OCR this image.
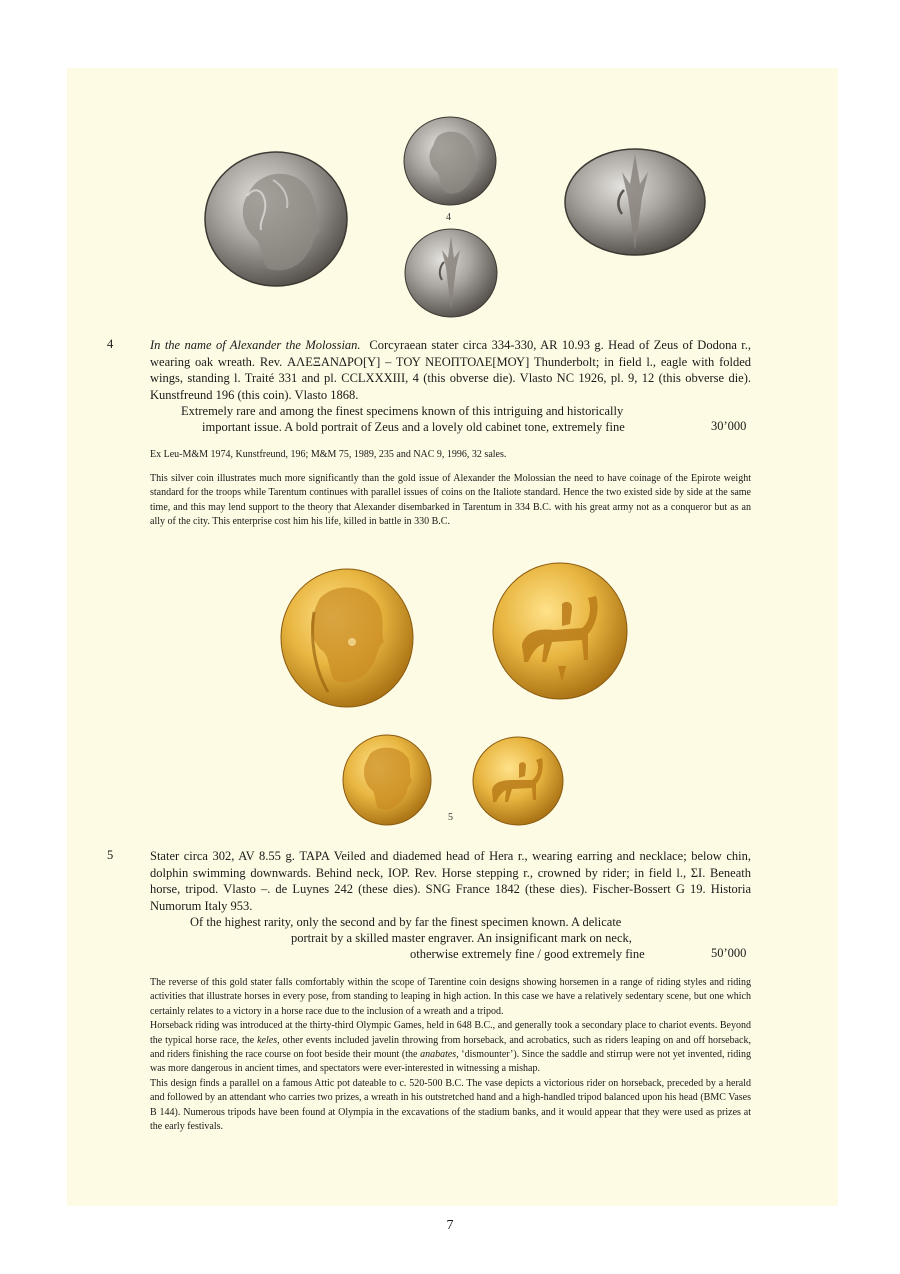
4
4	In the name of Alexander the Molossian. Corcyraean stater circa 334-330, AR 10.93 g. Head of Zeus of Dodona r., wearing oak wreath. Rev. ΑΛΕΞΑΝΔΡΟ[Υ] – ΤΟΥ ΝΕΟΠΤΟΛΕ[ΜΟΥ] Thunderbolt; in field l., eagle with folded wings, standing l. Traité 331 and pl. CCLXXXIII, 4 (this obverse die). Vlasto NC 1926, pl. 9, 12 (this obverse die). Kunstfreund 196 (this coin). Vlasto 1868.

Extremely rare and among the finest specimens known of this intriguing and historically
important issue. A bold portrait of Zeus and a lovely old cabinet tone, extremely fine	30’000
Ex Leu-M&M 1974, Kunstfreund, 196; M&M 75, 1989, 235 and NAC 9, 1996, 32 sales.

This silver coin illustrates much more significantly than the gold issue of Alexander the Molossian the need to have coinage of the Epirote weight standard for the troops while Tarentum continues with parallel issues of coins on the Italiote standard. Hence the two existed side by side at the same time, and this may lend support to the theory that Alexander disembarked in Tarentum in 334 B.C. with his great army not as a conqueror but as an ally of the city. This enterprise cost him his life, killed in battle in 330 B.C.

5
5	Stater circa 302, AV 8.55 g. ΤΑΡΑ Veiled and diademed head of Hera r., wearing earring and necklace; below chin, dolphin swimming downwards. Behind neck, ΙΟΡ. Rev. Horse stepping r., crowned by rider; in field l., ΣΙ. Beneath horse, tripod. Vlasto –. de Luynes 242 (these dies). SNG France 1842 (these dies). Fischer-Bossert G 19. Historia Numorum Italy 953.

Of the highest rarity, only the second and by far the finest specimen known. A delicate
portrait by a skilled master engraver. An insignificant mark on neck,
otherwise extremely fine / good extremely fine	50’000

The reverse of this gold stater falls comfortably within the scope of Tarentine coin designs showing horsemen in a range of riding styles and riding activities that illustrate horses in every pose, from standing to leaping in high action. In this case we have a relatively sedentary scene, but one which certainly relates to a victory in a horse race due to the inclusion of a wreath and a tripod.

Horseback riding was introduced at the thirty-third Olympic Games, held in 648 B.C., and generally took a secondary place to chariot events. Beyond the typical horse race, the keles, other events included javelin throwing from horseback, and acrobatics, such as riders leaping on and off horseback, and riders finishing the race course on foot beside their mount (the anabates, ‘dismounter’). Since the saddle and stirrup were not yet invented, riding was more dangerous in ancient times, and spectators were ever-interested in witnessing a mishap.

This design finds a parallel on a famous Attic pot dateable to c. 520-500 B.C. The vase depicts a victorious rider on horseback, preceded by a herald and followed by an attendant who carries two prizes, a wreath in his outstretched hand and a high-handled tripod balanced upon his head (BMC Vases B 144). Numerous tripods have been found at Olympia in the excavations of the stadium banks, and it would appear that they were used as prizes at the early festivals.

7
